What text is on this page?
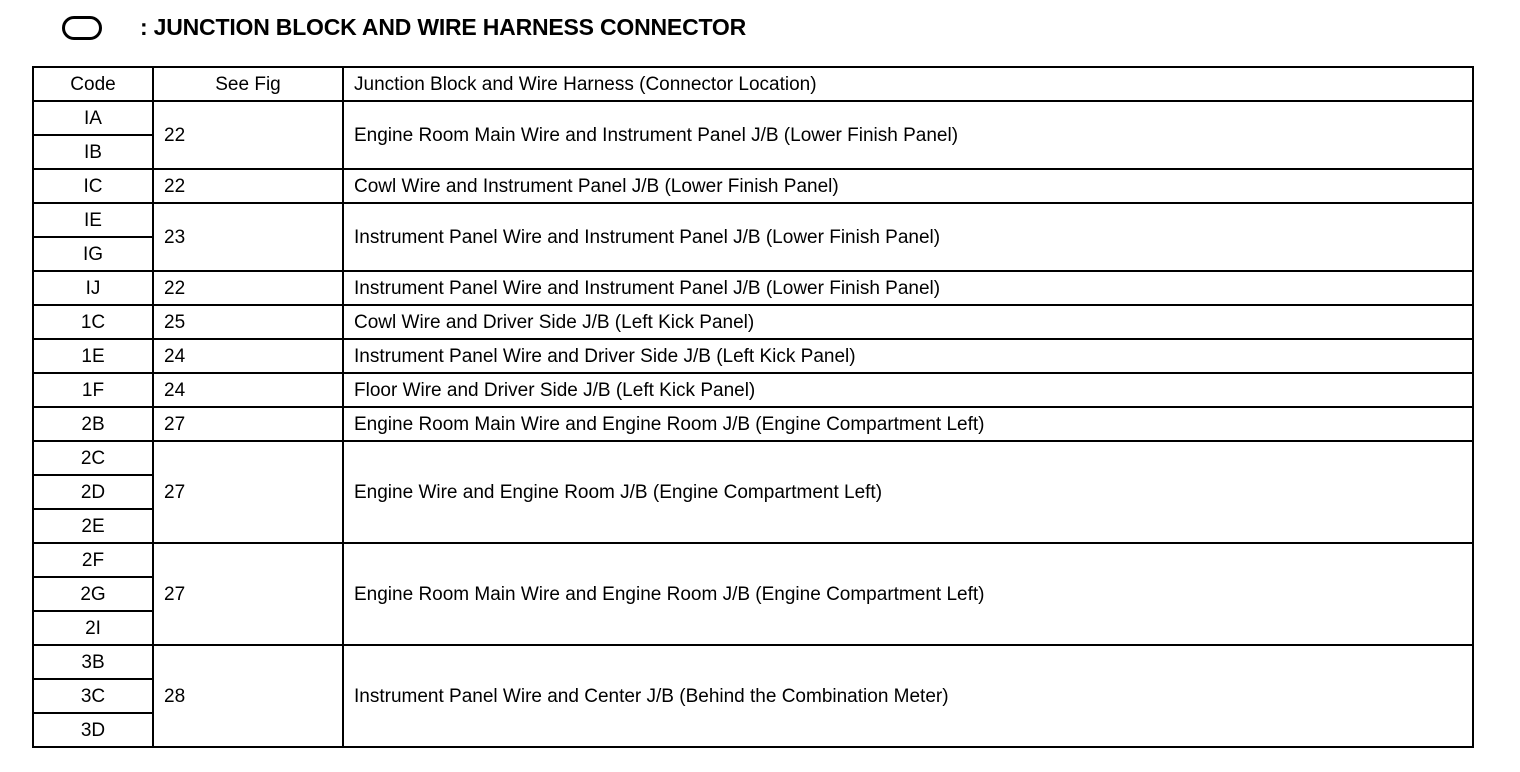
: JUNCTION BLOCK AND WIRE HARNESS CONNECTOR
Code	See Fig	Junction Block and Wire Harness (Connector Location)
IA	22	Engine Room Main Wire and Instrument Panel J/B (Lower Finish Panel)
IB		
IC	22	Cowl Wire and Instrument Panel J/B (Lower Finish Panel)
IE	23	Instrument Panel Wire and Instrument Panel J/B (Lower Finish Panel)
IG		
IJ	22	Instrument Panel Wire and Instrument Panel J/B (Lower Finish Panel)
1C	25	Cowl Wire and Driver Side J/B (Left Kick Panel)
1E	24	Instrument Panel Wire and Driver Side J/B (Left Kick Panel)
1F	24	Floor Wire and Driver Side J/B (Left Kick Panel)
2B	27	Engine Room Main Wire and Engine Room J/B (Engine Compartment Left)
2C	27	Engine Wire and Engine Room J/B (Engine Compartment Left)
2D		
2E		
2F	27	Engine Room Main Wire and Engine Room J/B (Engine Compartment Left)
2G		
2I		
3B	28	Instrument Panel Wire and Center J/B (Behind the Combination Meter)
3C		
3D		
